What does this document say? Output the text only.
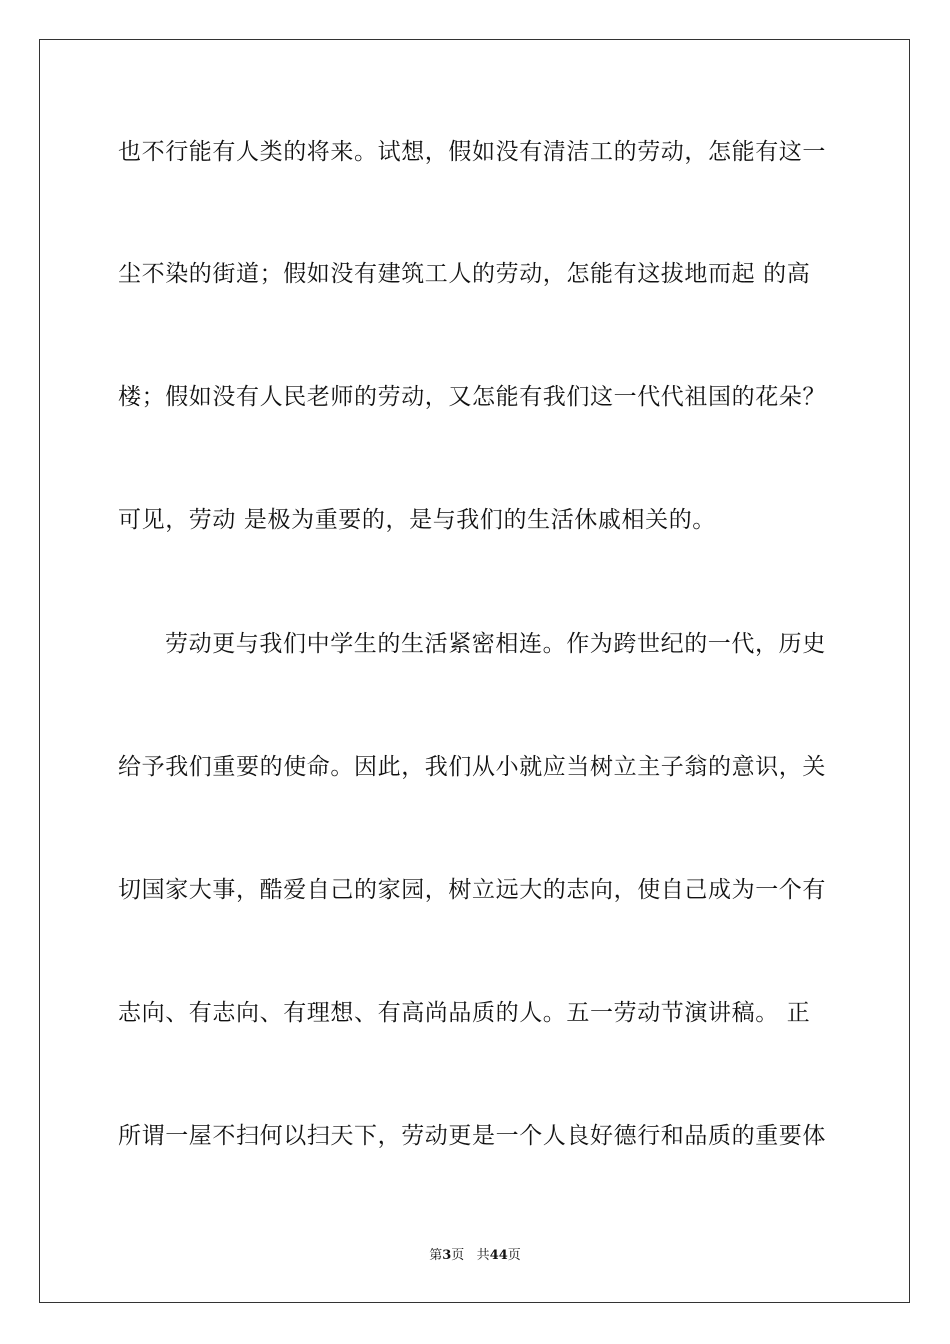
也不行能有人类的将来。试想，假如没有清洁工的劳动，怎能有这一
尘不染的街道；假如没有建筑工人的劳动，怎能有这拔地而起 的高
楼；假如没有人民老师的劳动，又怎能有我们这一代代祖国的花朵？
可见，劳动 是极为重要的，是与我们的生活休戚相关的。
劳动更与我们中学生的生活紧密相连。作为跨世纪的一代，历史
给予我们重要的使命。因此，我们从小就应当树立主子翁的意识，关
切国家大事，酷爱自己的家园，树立远大的志向，使自己成为一个有
志向、有志向、有理想、有高尚品质的人。五一劳动节演讲稿。 正
所谓一屋不扫何以扫天下，劳动更是一个人良好德行和品质的重要体
第3页 共44页
